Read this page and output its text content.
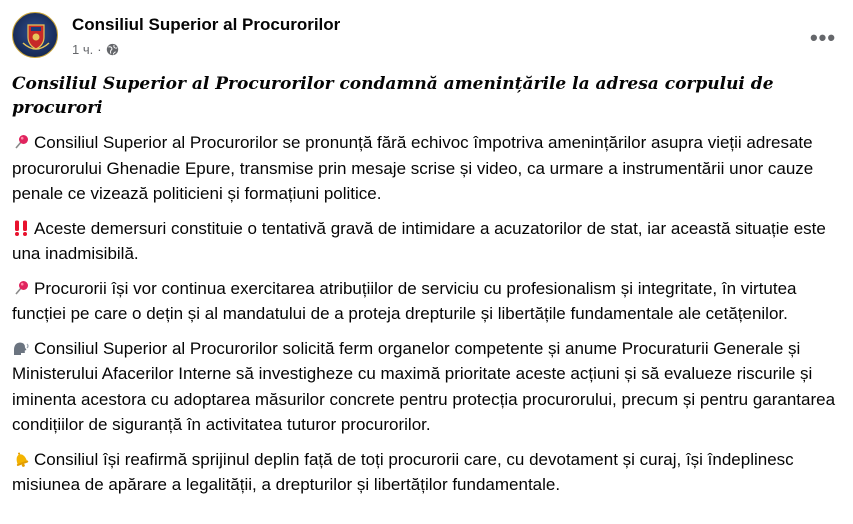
Consiliul Superior al Procurorilor
1 ч. ·	•••
Consiliul Superior al Procurorilor condamnă amenințările la adresa corpului de procurori

Consiliul Superior al Procurorilor se pronunță fără echivoc împotriva amenințărilor asupra vieții adresate procurorului Ghenadie Epure, transmise prin mesaje scrise și video, ca urmare a instrumentării unor cauze penale ce vizează politicieni și formațiuni politice.

Aceste demersuri constituie o tentativă gravă de intimidare a acuzatorilor de stat, iar această situație este una inadmisibilă.

Procurorii își vor continua exercitarea atribuțiilor de serviciu cu profesionalism și integritate, în virtutea funcției pe care o dețin și al mandatului de a proteja drepturile și libertățile fundamentale ale cetățenilor.

Consiliul Superior al Procurorilor solicită ferm organelor competente și anume Procuraturii Generale și Ministerului Afacerilor Interne să investigheze cu maximă prioritate aceste acțiuni și să evalueze riscurile și iminenta acestora cu adoptarea măsurilor concrete pentru protecția procurorului, precum și pentru garantarea condițiilor de siguranță în activitatea tuturor procurorilor.

Consiliul își reafirmă sprijinul deplin față de toți procurorii care, cu devotament și curaj, își îndeplinesc misiunea de apărare a legalității, a drepturilor și libertăților fundamentale.
